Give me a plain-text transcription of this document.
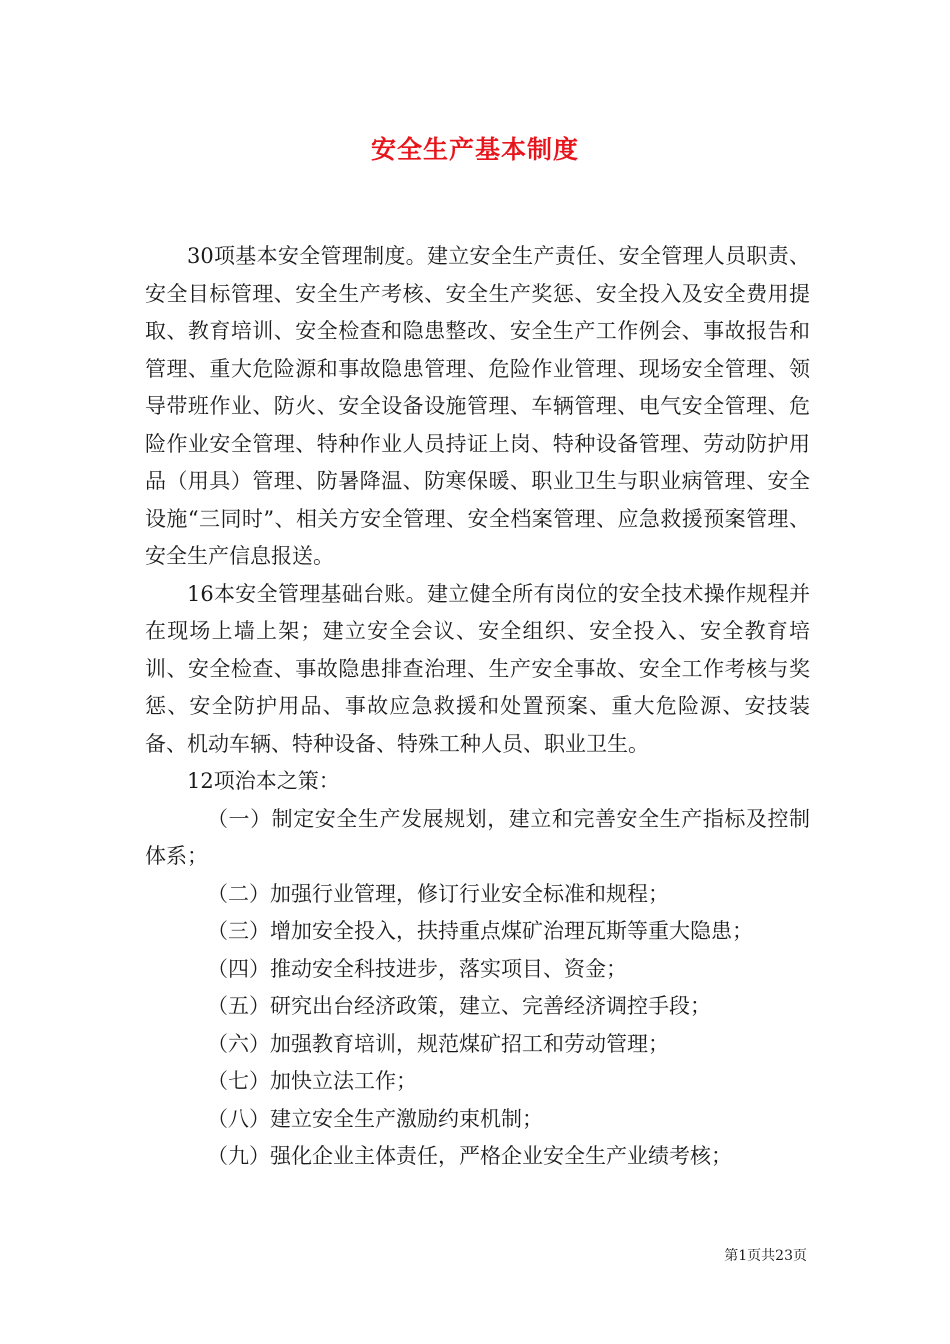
安全生产基本制度

30项基本安全管理制度。建立安全生产责任、安全管理人员职责、安全目标管理、安全生产考核、安全生产奖惩、安全投入及安全费用提取、教育培训、安全检查和隐患整改、安全生产工作例会、事故报告和管理、重大危险源和事故隐患管理、危险作业管理、现场安全管理、领导带班作业、防火、安全设备设施管理、车辆管理、电气安全管理、危险作业安全管理、特种作业人员持证上岗、特种设备管理、劳动防护用品（用具）管理、防暑降温、防寒保暖、职业卫生与职业病管理、安全设施“三同时”、相关方安全管理、安全档案管理、应急救援预案管理、安全生产信息报送。

16本安全管理基础台账。建立健全所有岗位的安全技术操作规程并在现场上墙上架；建立安全会议、安全组织、安全投入、安全教育培训、安全检查、事故隐患排查治理、生产安全事故、安全工作考核与奖惩、安全防护用品、事故应急救援和处置预案、重大危险源、安技装备、机动车辆、特种设备、特殊工种人员、职业卫生。

12项治本之策：

（一）制定安全生产发展规划，建立和完善安全生产指标及控制体系；

（二）加强行业管理，修订行业安全标准和规程；

（三）增加安全投入，扶持重点煤矿治理瓦斯等重大隐患；

（四）推动安全科技进步，落实项目、资金；

（五）研究出台经济政策，建立、完善经济调控手段；

（六）加强教育培训，规范煤矿招工和劳动管理；

（七）加快立法工作；

（八）建立安全生产激励约束机制；

（九）强化企业主体责任，严格企业安全生产业绩考核；

第1页共23页
